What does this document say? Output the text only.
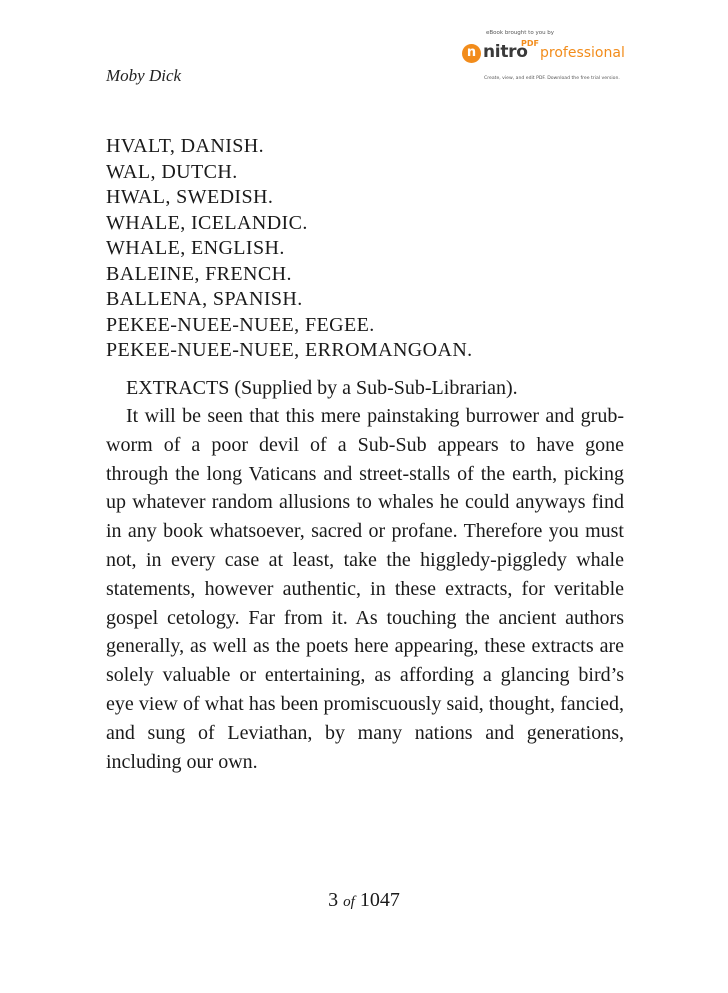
Moby Dick
eBook brought to you by
n nitro
PDF
professional
Create, view, and edit PDF. Download the free trial version.
HVALT, DANISH.
WAL, DUTCH.
HWAL, SWEDISH.
WHALE, ICELANDIC.
WHALE, ENGLISH.
BALEINE, FRENCH.
BALLENA, SPANISH.
PEKEE-NUEE-NUEE, FEGEE.
PEKEE-NUEE-NUEE, ERROMANGOAN.
EXTRACTS (Supplied by a Sub-Sub-Librarian).

It will be seen that this mere painstaking burrower and grub-worm of a poor devil of a Sub-Sub appears to have gone through the long Vaticans and street-stalls of the earth, picking up whatever random allusions to whales he could anyways find in any book whatsoever, sacred or profane. Therefore you must not, in every case at least, take the higgledy-piggledy whale statements, however authentic, in these extracts, for veritable gospel cetology. Far from it. As touching the ancient authors generally, as well as the poets here appearing, these extracts are solely valuable or entertaining, as affording a glancing bird’s eye view of what has been promiscuously said, thought, fancied, and sung of Leviathan, by many nations and generations, including our own.

3 of 1047
